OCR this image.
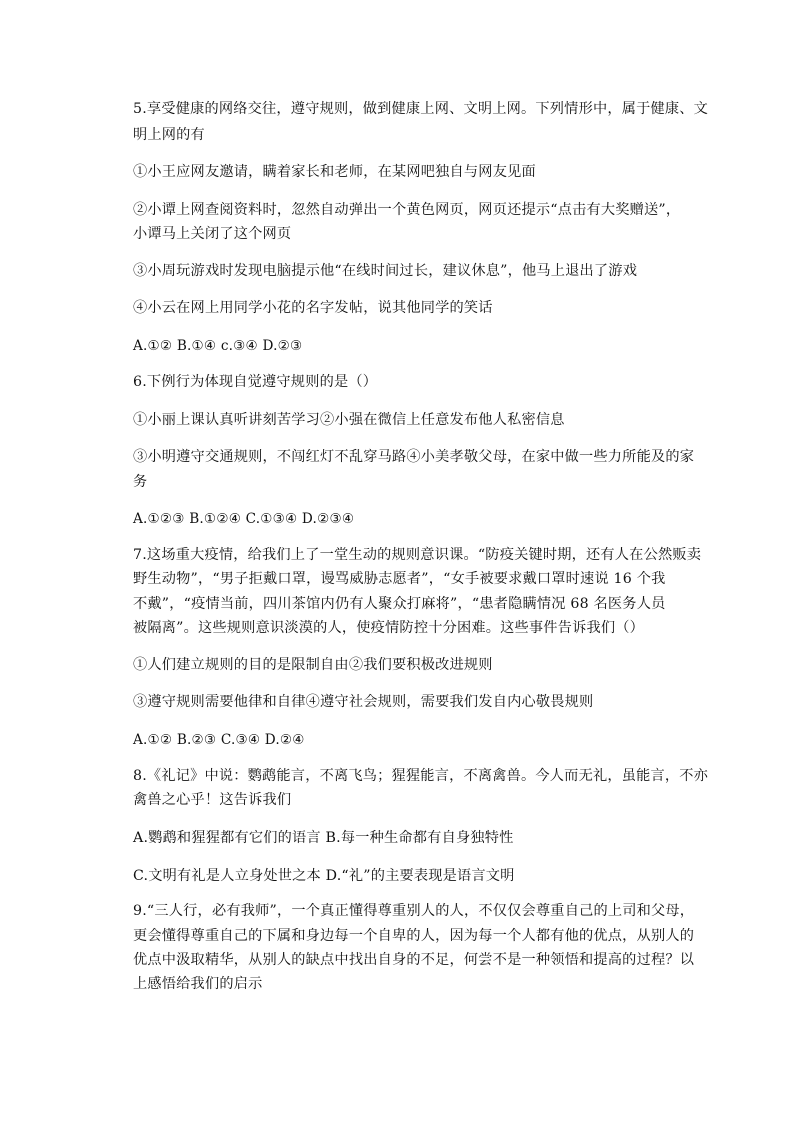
5.享受健康的网络交往，遵守规则，做到健康上网、文明上网。下列情形中，属于健康、文
明上网的有
①小王应网友邀请，瞒着家长和老师，在某网吧独自与网友见面
②小谭上网查阅资料时，忽然自动弹出一个黄色网页，网页还提示“点击有大奖赠送”，
小谭马上关闭了这个网页
③小周玩游戏时发现电脑提示他“在线时间过长，建议休息”，他马上退出了游戏
④小云在网上用同学小花的名字发帖，说其他同学的笑话
A.①② B.①④ c.③④ D.②③
6.下例行为体现自觉遵守规则的是（）
①小丽上课认真听讲刻苦学习②小强在微信上任意发布他人私密信息
③小明遵守交通规则，不闯红灯不乱穿马路④小美孝敬父母，在家中做一些力所能及的家
务
A.①②③ B.①②④ C.①③④ D.②③④
7.这场重大疫情，给我们上了一堂生动的规则意识课。“防疫关键时期，还有人在公然贩卖
野生动物”，“男子拒戴口罩，谩骂威胁志愿者”，“女手被要求戴口罩时速说 16 个我
不戴”，“疫情当前，四川茶馆内仍有人聚众打麻将”，“患者隐瞒情况 68 名医务人员
被隔离”。这些规则意识淡漠的人，使疫情防控十分困难。这些事件告诉我们（）
①人们建立规则的目的是限制自由②我们要积极改进规则
③遵守规则需要他律和自律④遵守社会规则，需要我们发自内心敬畏规则
A.①② B.②③ C.③④ D.②④
8.《礼记》中说：鹦鹉能言，不离飞鸟；猩猩能言，不离禽兽。今人而无礼，虽能言，不亦
禽兽之心乎！这告诉我们
A.鹦鹉和猩猩都有它们的语言 B.每一种生命都有自身独特性
C.文明有礼是人立身处世之本 D.“礼”的主要表现是语言文明
9.“三人行，必有我师”，一个真正懂得尊重别人的人，不仅仅会尊重自己的上司和父母，
更会懂得尊重自己的下属和身边每一个自卑的人，因为每一个人都有他的优点，从别人的
优点中汲取精华，从别人的缺点中找出自身的不足，何尝不是一种领悟和提高的过程？以
上感悟给我们的启示
